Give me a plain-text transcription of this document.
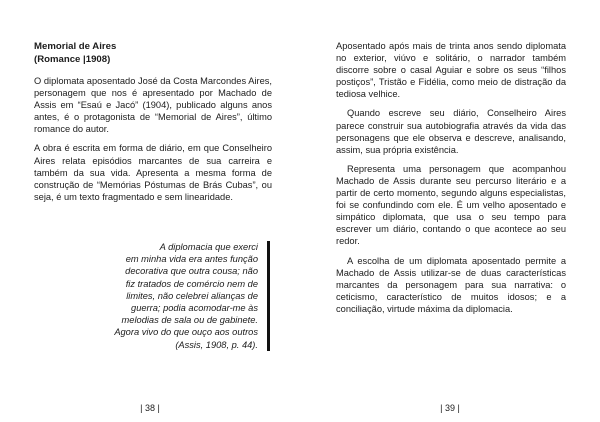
Memorial de Aires
(Romance |1908)

O diplomata aposentado José da Costa Marcondes Aires, personagem que nos é apresentado por Machado de Assis em “Esaú e Jacó” (1904), publicado alguns anos antes, é o protagonista de “Memorial de Aires”, último romance do autor.

A obra é escrita em forma de diário, em que Conselheiro Aires relata episódios marcantes de sua carreira e também da sua vida. Apresenta a mesma forma de construção de “Memórias Póstumas de Brás Cubas”, ou seja, é um texto fragmentado e sem linearidade.

A diplomacia que exerci
em minha vida era antes função
decorativa que outra cousa; não
fiz tratados de comércio nem de
limites, não celebrei alianças de
guerra; podia acomodar-me às
melodias de sala ou de gabinete.
Agora vivo do que ouço aos outros
(Assis, 1908, p. 44).
| 38 |

Aposentado após mais de trinta anos sendo diplomata no exterior, viúvo e solitário, o narrador também discorre sobre o casal Aguiar e sobre os seus “filhos postiços”, Tristão e Fidélia, como meio de distração da tediosa velhice.

Quando escreve seu diário, Conselheiro Aires parece construir sua autobiografia através da vida das personagens que ele observa e descreve, analisando, assim, sua própria existência.

Representa uma personagem que acompanhou Machado de Assis durante seu percurso literário e a partir de certo momento, segundo alguns especialistas, foi se confundindo com ele. É um velho aposentado e simpático diplomata, que usa o seu tempo para escrever um diário, contando o que acontece ao seu redor.

A escolha de um diplomata aposentado permite a Machado de Assis utilizar-se de duas características marcantes da personagem para sua narrativa: o ceticismo, característico de muitos idosos; e a conciliação, virtude máxima da diplomacia.

| 39 |
